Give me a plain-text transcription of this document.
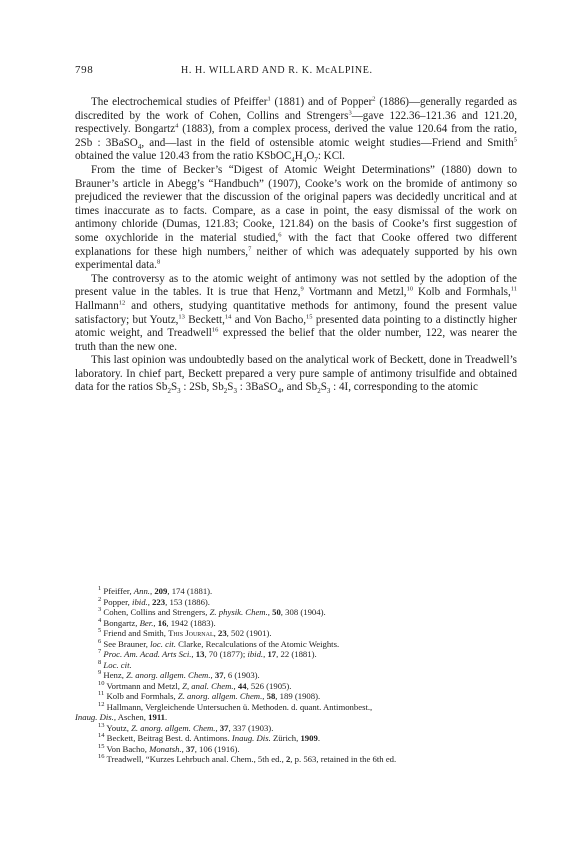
798	H. H. WILLARD AND R. K. McALPINE.

The electrochemical studies of Pfeiffer$^1$ (1881) and of Popper$^2$ (1886)—generally regarded as discredited by the work of Cohen, Collins and Strengers$^3$—gave 122.36–121.36 and 121.20, respectively. Bongartz$^4$ (1883), from a complex process, derived the value 120.64 from the ratio, 2Sb : 3BaSO$_4$, and—last in the field of ostensible atomic weight studies—Friend and Smith$^5$ obtained the value 120.43 from the ratio $KSbOC_4H_4O_7$: KCl.

From the time of Becker’s “Digest of Atomic Weight Determinations” (1880) down to Brauner’s article in Abegg’s “Handbuch” (1907), Cooke’s work on the bromide of antimony so prejudiced the reviewer that the discussion of the original papers was decidedly uncritical and at times inaccurate as to facts. Compare, as a case in point, the easy dismissal of the work on antimony chloride (Dumas, 121.83; Cooke, 121.84) on the basis of Cooke’s first suggestion of some oxychloride in the material studied,$^6$ with the fact that Cooke offered two different explanations for these high numbers,$^7$ neither of which was adequately supported by his own experimental data.$^8$

The controversy as to the atomic weight of antimony was not settled by the adoption of the present value in the tables. It is true that Henz,$^9$ Vortmann and Metzl,$^{10}$ Kolb and Formhals,$^{11}$ Hallmann$^{12}$ and others, studying quantitative methods for antimony, found the present value satisfactory; but Youtz,$^{13}$ Beckett,$^{14}$ and Von Bacho,$^{15}$ presented data pointing to a distinctly higher atomic weight, and Treadwell$^{16}$ expressed the belief that the older number, 122, was nearer the truth than the new one.

This last opinion was undoubtedly based on the analytical work of Beckett, done in Treadwell’s laboratory. In chief part, Beckett prepared a very pure sample of antimony trisulfide and obtained data for the ratios $Sb_2S_3$ : 2Sb, $Sb_2S_3$ : 3BaSO$_4$, and $Sb_2S_3$ : 4I, corresponding to the atomic

$^1$ Pfeiffer, Ann., 209, 174 (1881).
$^2$ Popper, ibid., 223, 153 (1886).
$^3$ Cohen, Collins and Strengers, Z. physik. Chem., 50, 308 (1904).
$^4$ Bongartz, Ber., 16, 1942 (1883).
$^5$ Friend and Smith, This Journal, 23, 502 (1901).
$^6$ See Brauner, loc. cit. Clarke, Recalculations of the Atomic Weights.
$^7$ Proc. Am. Acad. Arts Sci., 13, 70 (1877); ibid., 17, 22 (1881).
$^8$ Loc. cit.
$^9$ Henz, Z. anorg. allgem. Chem., 37, 6 (1903).
$^{10}$ Vortmann and Metzl, Z, anal. Chem., 44, 526 (1905).
$^{11}$ Kolb and Formhals, Z. anorg. allgem. Chem., 58, 189 (1908).
$^{12}$ Hallmann, Vergleichende Untersuchen ü. Methoden. d. quant. Antimonbest.,
Inaug. Dis., Aschen, 1911.
$^{13}$ Youtz, Z. anorg. allgem. Chem., 37, 337 (1903).
$^{14}$ Beckett, Beitrag Best. d. Antimons. Inaug. Dis. Zürich, 1909.
$^{15}$ Von Bacho, Monatsh., 37, 106 (1916).
$^{16}$ Treadwell, “Kurzes Lehrbuch anal. Chem., 5th ed., 2, p. 563, retained in the 6th ed.
